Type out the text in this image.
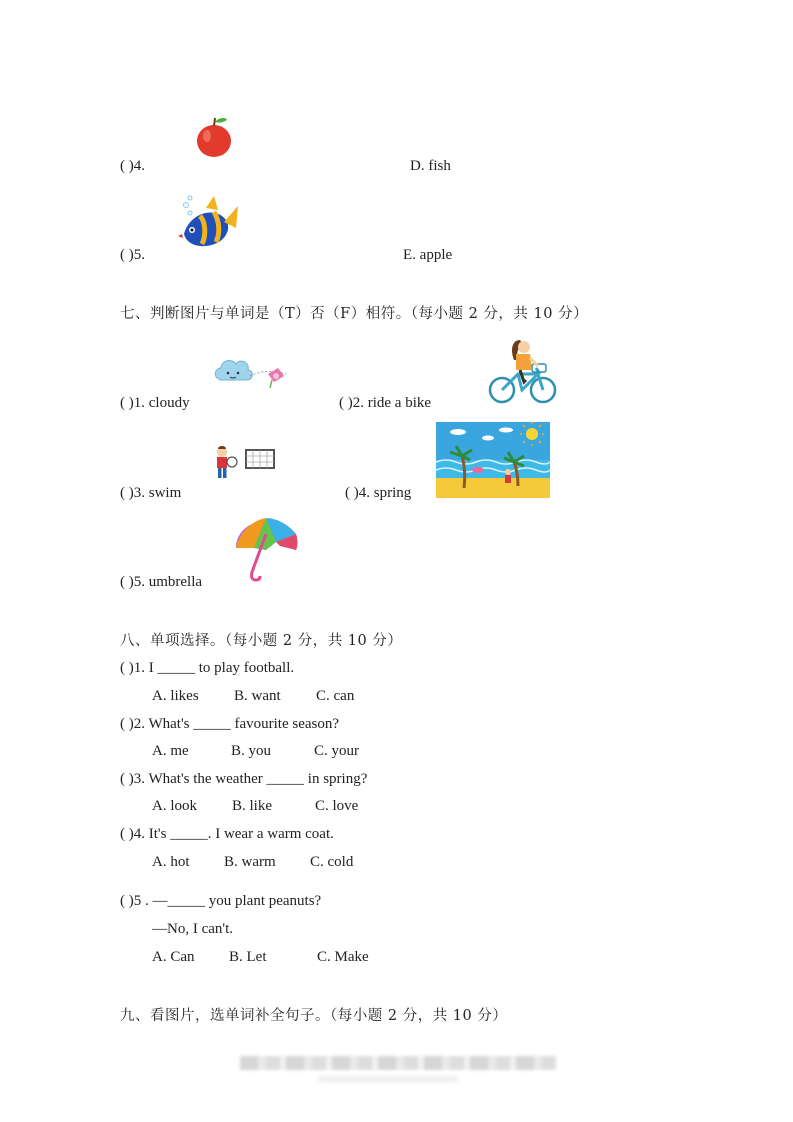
( )4.	D. fish
( )5.	E. apple
七、判断图片与单词是（T）否（F）相符。（每小题 2 分，共 10 分）
( )1. cloudy	( )2. ride a bike
( )3. swim	( )4. spring
( )5. umbrella
八、单项选择。（每小题 2 分，共 10 分）
( )1. I _____ to play football.
A. likes B. want C. can
( )2. What's _____ favourite season?
A. me	B. you	C. your
( )3. What's the weather _____ in spring?
A. look B. like	C. love
( )4. It's _____. I wear a warm coat.
A. hot B. warm C. cold
( )5 . —_____ you plant peanuts?
—No, I can't.
A. Can B. Let	C. Make
九、看图片，选单词补全句子。（每小题 2 分，共 10 分）
